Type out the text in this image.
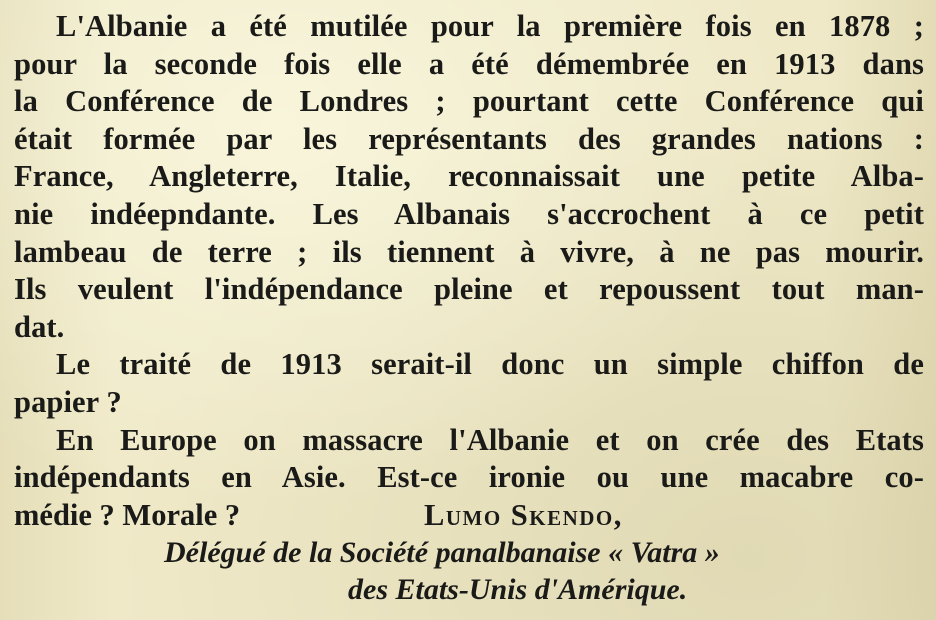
L'Albanie a été mutilée pour la première fois en 1878 ;
pour la seconde fois elle a été démembrée en 1913 dans
la Conférence de Londres ; pourtant cette Conférence qui
était formée par les représentants des grandes nations :
France, Angleterre, Italie, reconnaissait une petite Alba-
nie indéepndante. Les Albanais s'accrochent à ce petit
lambeau de terre ; ils tiennent à vivre, à ne pas mourir.
Ils veulent l'indépendance pleine et repoussent tout man-
dat.
Le traité de 1913 serait-il donc un simple chiffon de
papier ?
En Europe on massacre l'Albanie et on crée des Etats
indépendants en Asie. Est-ce ironie ou une macabre co-
médie ? Morale ?	Lumo Skendo,
Délégué de la Société panalbanaise « Vatra »
des Etats-Unis d'Amérique.
